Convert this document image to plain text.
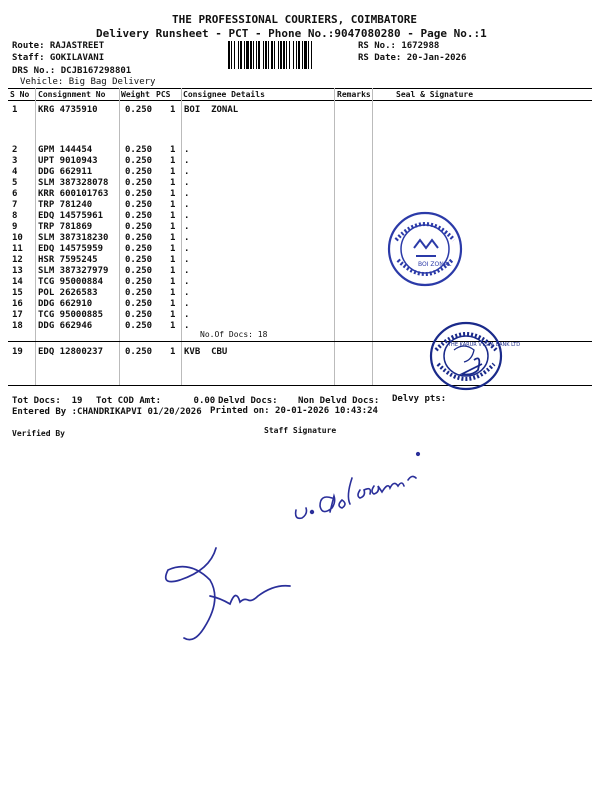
THE PROFESSIONAL COURIERS, COIMBATORE
Delivery Runsheet - PCT - Phone No.:9047080280 - Page No.:1
Route: RAJASTREET
Staff: GOKILAVANI
DRS No.: DCJB167298801
Vehicle: Big Bag Delivery
RS No.: 1672988
RS Date: 20-Jan-2026
S No Consignment No Weight PCS Consignee Details	Remarks	Seal & Signature
1 KRG 4735910	0.250 1 BOI  ZONAL
2 GPM 144454	0.250 1 .
3 UPT 9010943	0.250 1 .
4 DDG 662911	0.250 1 .
5 SLM 387328078 0.250 1 .
6 KRR 600101763 0.250 1 .
7 TRP 781240	0.250 1 .
8 EDQ 14575961 0.250 1 .
9 TRP 781869	0.250 1 .
10 SLM 387318230 0.250 1 .
11 EDQ 14575959 0.250 1 .
12 HSR 7595245	0.250 1 .
13 SLM 387327979 0.250 1 .
14 TCG 95000884 0.250 1 .
15 POL 2626583	0.250 1 .
16 DDG 662910	0.250 1 .
17 TCG 95000885 0.250 1 .
18 DDG 662946	0.250 1 .
19 EDQ 12800237 0.250 1 KVB  CBU
No.Of Docs: 18
BOI ZONAL
THE KARUR VYSYA BANK LTD
Tot Docs:  19 Tot COD Amt:      0.00 Delvd Docs: Non Delvd Docs: Delvy pts:
Entered By :CHANDRIKAPVI 01/20/2026 Printed on: 20-01-2026 10:43:24
Verified By	Staff Signature
